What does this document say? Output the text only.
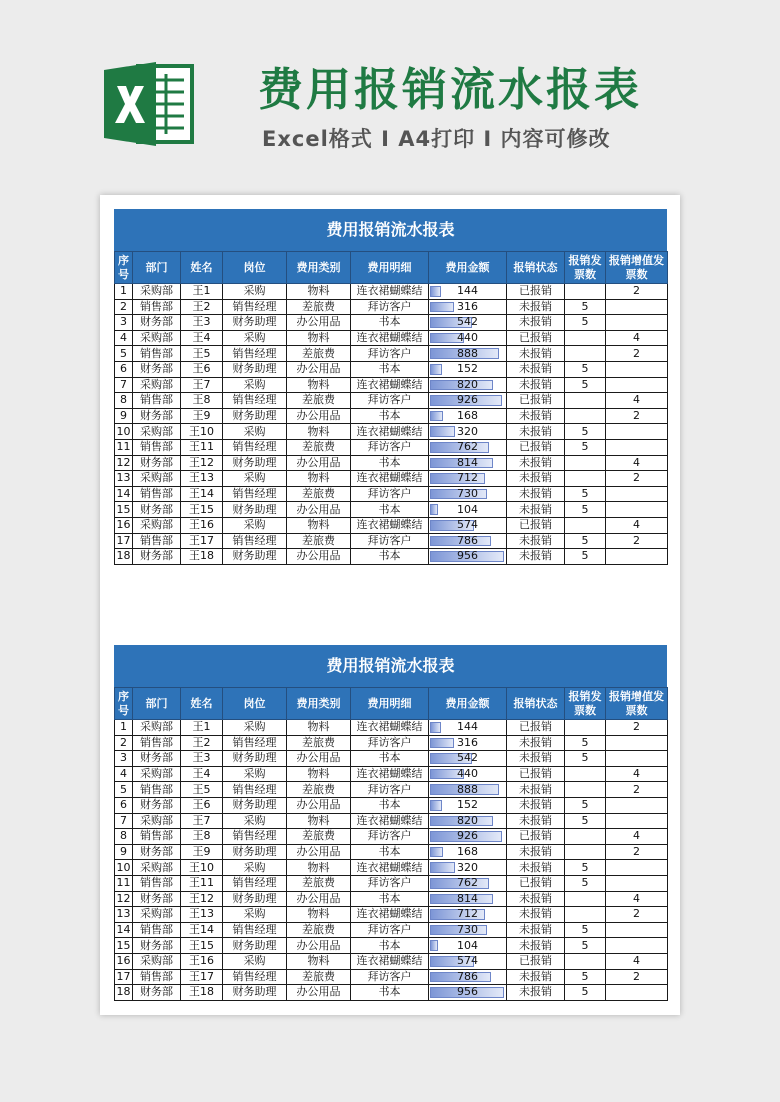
费用报销流水报表
Excel格式 I A4打印 I 内容可修改
费用报销流水报表
序号	部门	姓名	岗位	费用类别	费用明细	费用金额	报销状态	报销发票数	报销增值发票数
1	采购部	王1	采购	物料	连衣裙蝴蝶结	144	已报销		2
2	销售部	王2	销售经理	差旅费	拜访客户	316	未报销	5	
3	财务部	王3	财务助理	办公用品	书本	542	未报销	5	
4	采购部	王4	采购	物料	连衣裙蝴蝶结	440	已报销		4
5	销售部	王5	销售经理	差旅费	拜访客户	888	未报销		2
6	财务部	王6	财务助理	办公用品	书本	152	未报销	5	
7	采购部	王7	采购	物料	连衣裙蝴蝶结	820	未报销	5	
8	销售部	王8	销售经理	差旅费	拜访客户	926	已报销		4
9	财务部	王9	财务助理	办公用品	书本	168	未报销		2
10	采购部	王10	采购	物料	连衣裙蝴蝶结	320	未报销	5	
11	销售部	王11	销售经理	差旅费	拜访客户	762	已报销	5	
12	财务部	王12	财务助理	办公用品	书本	814	未报销		4
13	采购部	王13	采购	物料	连衣裙蝴蝶结	712	未报销		2
14	销售部	王14	销售经理	差旅费	拜访客户	730	未报销	5	
15	财务部	王15	财务助理	办公用品	书本	104	未报销	5	
16	采购部	王16	采购	物料	连衣裙蝴蝶结	574	已报销		4
17	销售部	王17	销售经理	差旅费	拜访客户	786	未报销	5	2
18	财务部	王18	财务助理	办公用品	书本	956	未报销	5	
费用报销流水报表
序号	部门	姓名	岗位	费用类别	费用明细	费用金额	报销状态	报销发票数	报销增值发票数
1	采购部	王1	采购	物料	连衣裙蝴蝶结	144	已报销		2
2	销售部	王2	销售经理	差旅费	拜访客户	316	未报销	5	
3	财务部	王3	财务助理	办公用品	书本	542	未报销	5	
4	采购部	王4	采购	物料	连衣裙蝴蝶结	440	已报销		4
5	销售部	王5	销售经理	差旅费	拜访客户	888	未报销		2
6	财务部	王6	财务助理	办公用品	书本	152	未报销	5	
7	采购部	王7	采购	物料	连衣裙蝴蝶结	820	未报销	5	
8	销售部	王8	销售经理	差旅费	拜访客户	926	已报销		4
9	财务部	王9	财务助理	办公用品	书本	168	未报销		2
10	采购部	王10	采购	物料	连衣裙蝴蝶结	320	未报销	5	
11	销售部	王11	销售经理	差旅费	拜访客户	762	已报销	5	
12	财务部	王12	财务助理	办公用品	书本	814	未报销		4
13	采购部	王13	采购	物料	连衣裙蝴蝶结	712	未报销		2
14	销售部	王14	销售经理	差旅费	拜访客户	730	未报销	5	
15	财务部	王15	财务助理	办公用品	书本	104	未报销	5	
16	采购部	王16	采购	物料	连衣裙蝴蝶结	574	已报销		4
17	销售部	王17	销售经理	差旅费	拜访客户	786	未报销	5	2
18	财务部	王18	财务助理	办公用品	书本	956	未报销	5	
